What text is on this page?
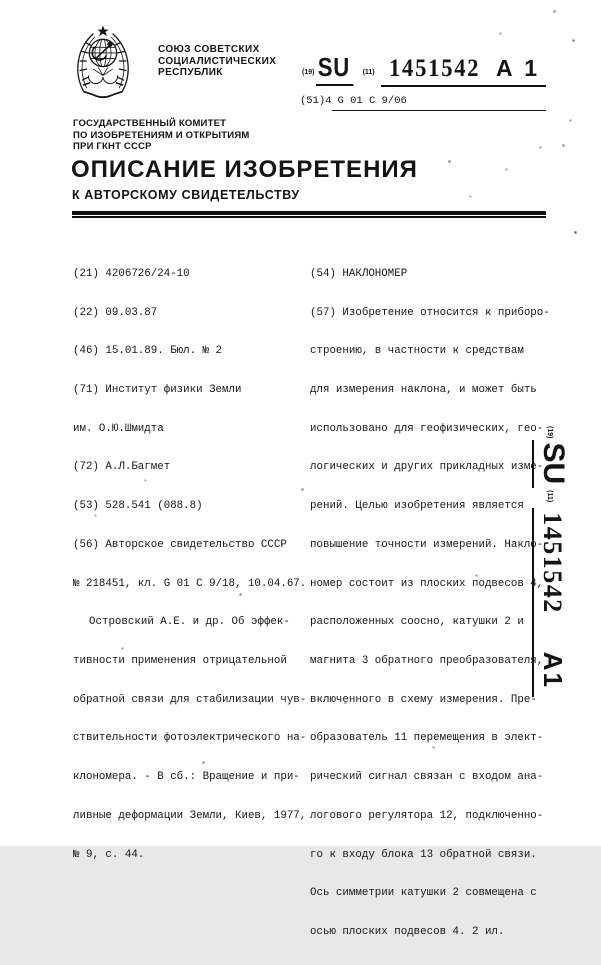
СОЮЗ СОВЕТСКИХ
СОЦИАЛИСТИЧЕСКИХ
РЕСПУБЛИК	(19) SU	(11) 1451542 A 1
(51)4 G 01 C 9/06
ГОСУДАРСТВЕННЫЙ КОМИТЕТ
ПО ИЗОБРЕТЕНИЯМ И ОТКРЫТИЯМ
ПРИ ГКНТ СССР
ОПИСАНИЕ ИЗОБРЕТЕНИЯ
К АВТОРСКОМУ СВИДЕТЕЛЬСТВУ

(21) 4206726/24-10

(22) 09.03.87

(46) 15.01.89. Бюл. № 2

(71) Институт физики Земли

им. О.Ю.Шмидта

(72) А.Л.Багмет

(53) 528.541 (088.8)

(56) Авторское свидетельство СССР

№ 218451, кл. G 01 C 9/18, 10.04.67.

Островский А.Е. и др. Об эффек-

тивности применения отрицательной

обратной связи для стабилизации чув-

ствительности фотоэлектрического на-

клономера. - В сб.: Вращение и при-

ливные деформации Земли, Киев, 1977,

№ 9, с. 44.

(54) НАКЛОНОМЕР

(57) Изобретение относится к приборо-

строению, в частности к средствам

для измерения наклона, и может быть

использовано для геофизических, гео-

логических и других прикладных изме-

рений. Целью изобретения является

повышение точности измерений. Накло-

номер состоит из плоских подвесов 4,

расположенных соосно, катушки 2 и

магнита 3 обратного преобразователя,

включенного в схему измерения. Пре-

образователь 11 перемещения в элект-

рический сигнал связан с входом ана-

логового регулятора 12, подключенно-

го к входу блока 13 обратной связи.

Ось симметрии катушки 2 совмещена с

осью плоских подвесов 4. 2 ил.

(19)
SU
(11)
1451542
A1
